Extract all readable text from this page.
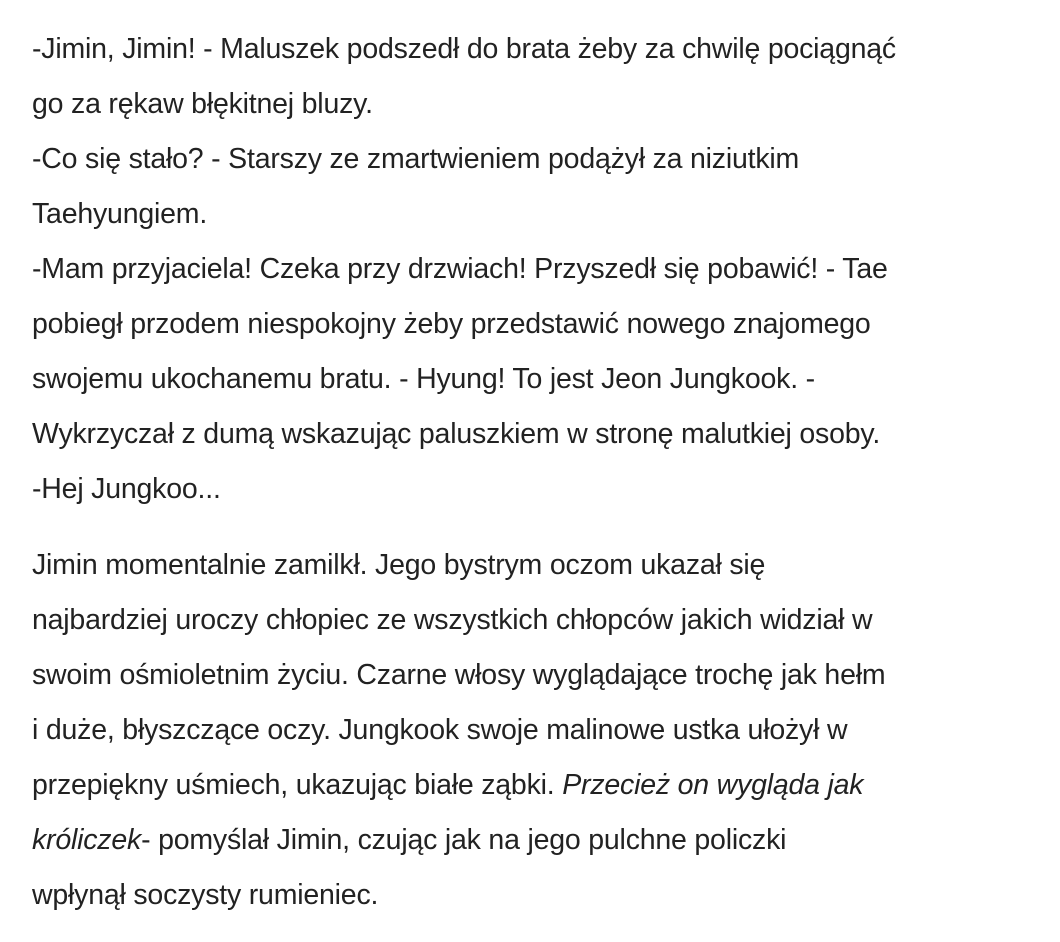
-Jimin, Jimin! - Maluszek podszedł do brata żeby za chwilę pociągnąć
go za rękaw błękitnej bluzy.
-Co się stało? - Starszy ze zmartwieniem podążył za niziutkim
Taehyungiem.
-Mam przyjaciela! Czeka przy drzwiach! Przyszedł się pobawić! - Tae
pobiegł przodem niespokojny żeby przedstawić nowego znajomego
swojemu ukochanemu bratu. - Hyung! To jest Jeon Jungkook. -
Wykrzyczał z dumą wskazując paluszkiem w stronę malutkiej osoby.
-Hej Jungkoo...

Jimin momentalnie zamilkł. Jego bystrym oczom ukazał się
najbardziej uroczy chłopiec ze wszystkich chłopców jakich widział w
swoim ośmioletnim życiu. Czarne włosy wyglądające trochę jak hełm
i duże, błyszczące oczy. Jungkook swoje malinowe ustka ułożył w
przepiękny uśmiech, ukazując białe ząbki. Przecież on wygląda jak
króliczek- pomyślał Jimin, czując jak na jego pulchne policzki
wpłynął soczysty rumieniec.
